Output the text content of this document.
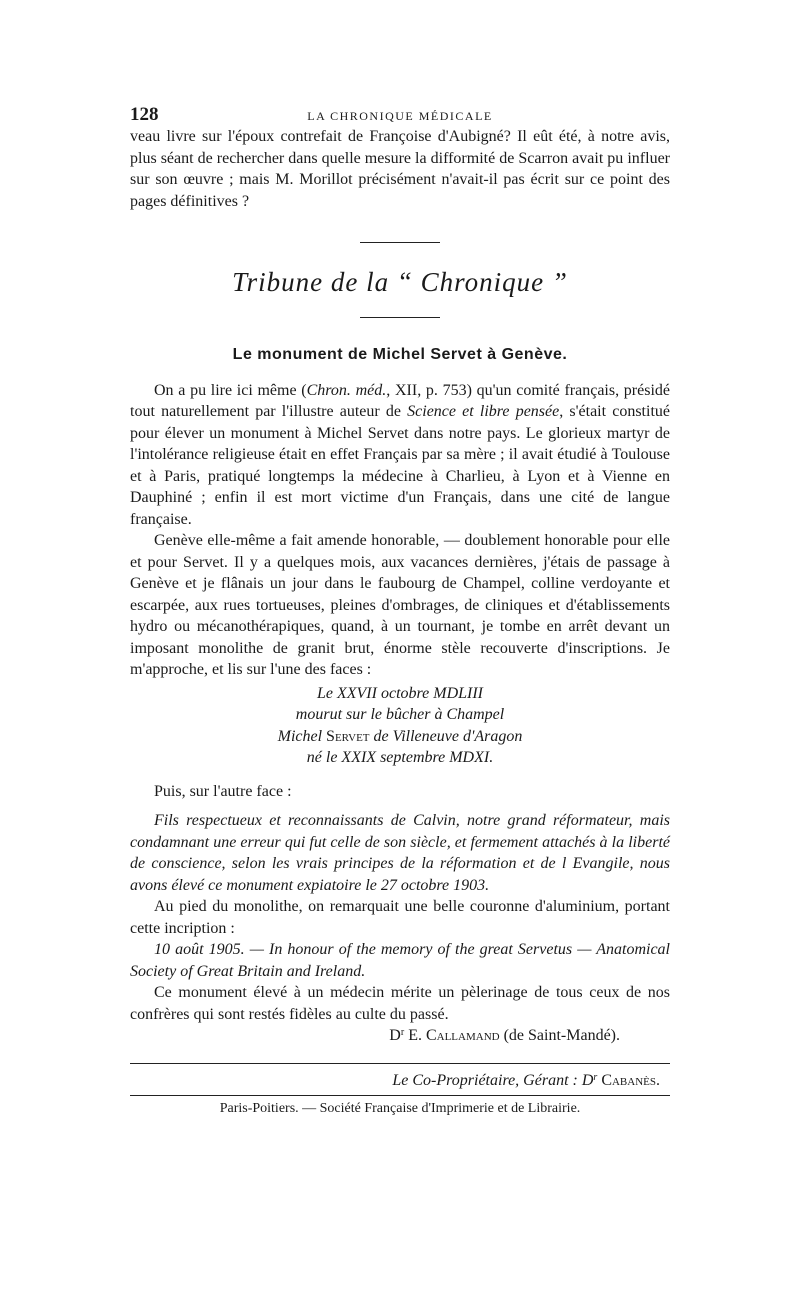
128	LA CHRONIQUE MÉDICALE

veau livre sur l'époux contrefait de Françoise d'Aubigné? Il eût été, à notre avis, plus séant de rechercher dans quelle mesure la difformité de Scarron avait pu influer sur son œuvre ; mais M. Morillot précisément n'avait-il pas écrit sur ce point des pages définitives ?

Tribune de la “ Chronique ”
Le monument de Michel Servet à Genève.

On a pu lire ici même (Chron. méd., XII, p. 753) qu'un comité français, présidé tout naturellement par l'illustre auteur de Science et libre pensée, s'était constitué pour élever un monument à Michel Servet dans notre pays. Le glorieux martyr de l'intolérance religieuse était en effet Français par sa mère ; il avait étudié à Toulouse et à Paris, pratiqué longtemps la médecine à Charlieu, à Lyon et à Vienne en Dauphiné ; enfin il est mort victime d'un Français, dans une cité de langue française.

Genève elle-même a fait amende honorable, — doublement honorable pour elle et pour Servet. Il y a quelques mois, aux vacances dernières, j'étais de passage à Genève et je flânais un jour dans le faubourg de Champel, colline verdoyante et escarpée, aux rues tortueuses, pleines d'ombrages, de cliniques et d'établissements hydro ou mécanothérapiques, quand, à un tournant, je tombe en arrêt devant un imposant monolithe de granit brut, énorme stèle recouverte d'inscriptions. Je m'approche, et lis sur l'une des faces :

Le XXVII octobre MDLIII
mourut sur le bûcher à Champel
Michel Servet de Villeneuve d'Aragon
né le XXIX septembre MDXI.

Puis, sur l'autre face :

Fils respectueux et reconnaissants de Calvin, notre grand réformateur, mais condamnant une erreur qui fut celle de son siècle, et fermement attachés à la liberté de conscience, selon les vrais principes de la réformation et de l Evangile, nous avons élevé ce monument expiatoire le 27 octobre 1903.

Au pied du monolithe, on remarquait une belle couronne d'aluminium, portant cette incription :

10 août 1905. — In honour of the memory of the great Servetus — Anatomical Society of Great Britain and Ireland.

Ce monument élevé à un médecin mérite un pèlerinage de tous ceux de nos confrères qui sont restés fidèles au culte du passé.

$D^r$ E. Callamand (de Saint-Mandé).

Le Co-Propriétaire, Gérant : $D^r$ Cabanès.

Paris-Poitiers. — Société Française d'Imprimerie et de Librairie.
